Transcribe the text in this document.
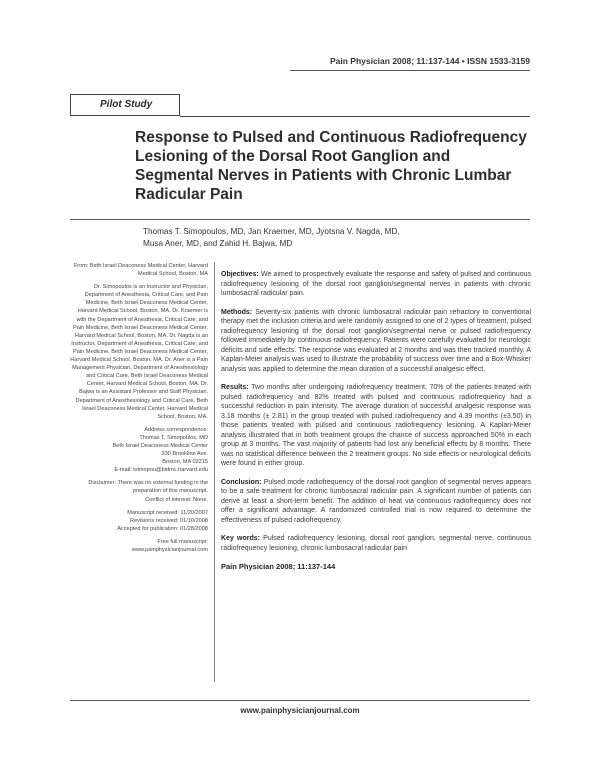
Pain Physician 2008; 11:137-144 • ISSN 1533-3159
Pilot Study
Response to Pulsed and Continuous Radiofrequency Lesioning of the Dorsal Root Ganglion and Segmental Nerves in Patients with Chronic Lumbar Radicular Pain
Thomas T. Simopoulos, MD, Jan Kraemer, MD, Jyotsna V. Nagda, MD,
Musa Aner, MD, and Zahid H. Bajwa, MD

From: Beth Israel Deaconess Medical Center, Harvard Medical School, Boston, MA

Dr. Simopoulos is an Instructor and Physician, Department of Anesthesia, Critical Care, and Pain Medicine, Beth Israel Deaconess Medical Center, Harvard Medical School, Boston, MA. Dr. Kraemer is with the Department of Anesthesia, Critical Care, and Pain Medicine, Beth Israel Deaconess Medical Center, Harvard Medical School, Boston, MA. Dr. Nagda is an Instructor, Department of Anesthesia, Critical Care, and Pain Medicine, Beth Israel Deaconess Medical Center, Harvard Medical School, Boston, MA. Dr. Aner is a Pain Management Physician, Department of Anesthesiology and Critical Care, Beth Israel Deaconess Medical Center, Harvard Medical School, Boston, MA. Dr. Bajwa is an Assistant Professor and Staff Physician, Department of Anesthesiology and Critical Care, Beth Israel Deaconess Medical Center, Harvard Medical School, Boston, MA.

Address correspondence:
Thomas T. Simopoulos, MD
Beth Israel Deaconess Medical Center
330 Brookline Ave.
Boston, MA 02215
E-mail: tsimopou@bidmc.harvard.edu

Disclaimer: There was no external funding in the preparation of this manuscript.
Conflict of interest: None.

Manuscript received: 11/20/2007
Revisions received: 01/10/2008
Accepted for publication: 01/28/2008

Free full manuscript:
www.painphysicianjournal.com

Objectives: We aimed to prospectively evaluate the response and safety of pulsed and continuous radiofrequency lesioning of the dorsal root ganglion/segmental nerves in patients with chronic lumbosacral radicular pain.

Methods: Seventy-six patients with chronic lumbosacral radicular pain refractory to conventional therapy met the inclusion criteria and were randomly assigned to one of 2 types of treatment, pulsed radiofrequency lesioning of the dorsal root ganglion/segmental nerve or pulsed radiofrequency followed immediately by continuous radiofrequency. Patients were carefully evaluated for neurologic deficits and side effects. The response was evaluated at 2 months and was then tracked monthly. A Kaplan-Meier analysis was used to illustrate the probability of success over time and a Box-Whisker analysis was applied to determine the mean duration of a successful analgesic effect.

Results: Two months after undergoing radiofrequency treatment, 70% of the patients treated with pulsed radiofrequency and 82% treated with pulsed and continuous radiofrequency had a successful reduction in pain intensity. The average duration of successful analgesic response was 3.18 months (± 2.81) in the group treated with pulsed radiofrequency and 4.39 months (±3.50) in those patients treated with pulsed and continuous radiofrequency lesioning. A Kaplan-Meier analysis illustrated that in both treatment groups the chance of success approached 50% in each group at 3 months. The vast majority of patients had lost any beneficial effects by 8 months. There was no statistical difference between the 2 treatment groups. No side effects or neurological deficits were found in either group.

Conclusion: Pulsed mode radiofrequency of the dorsal root ganglion of segmental nerves appears to be a safe treatment for chronic lumbosacral radicular pain. A significant number of patients can derive at least a short-term benefit. The addition of heat via continuous radiofrequency does not offer a significant advantage. A randomized controlled trial is now required to determine the effectiveness of pulsed radiofrequency.

Key words: Pulsed radiofrequency lesioning, dorsal root ganglion, segmental nerve, continuous radiofrequency lesioning, chronic lumbosacral radicular pain

Pain Physician 2008; 11:137-144

www.painphysicianjournal.com
